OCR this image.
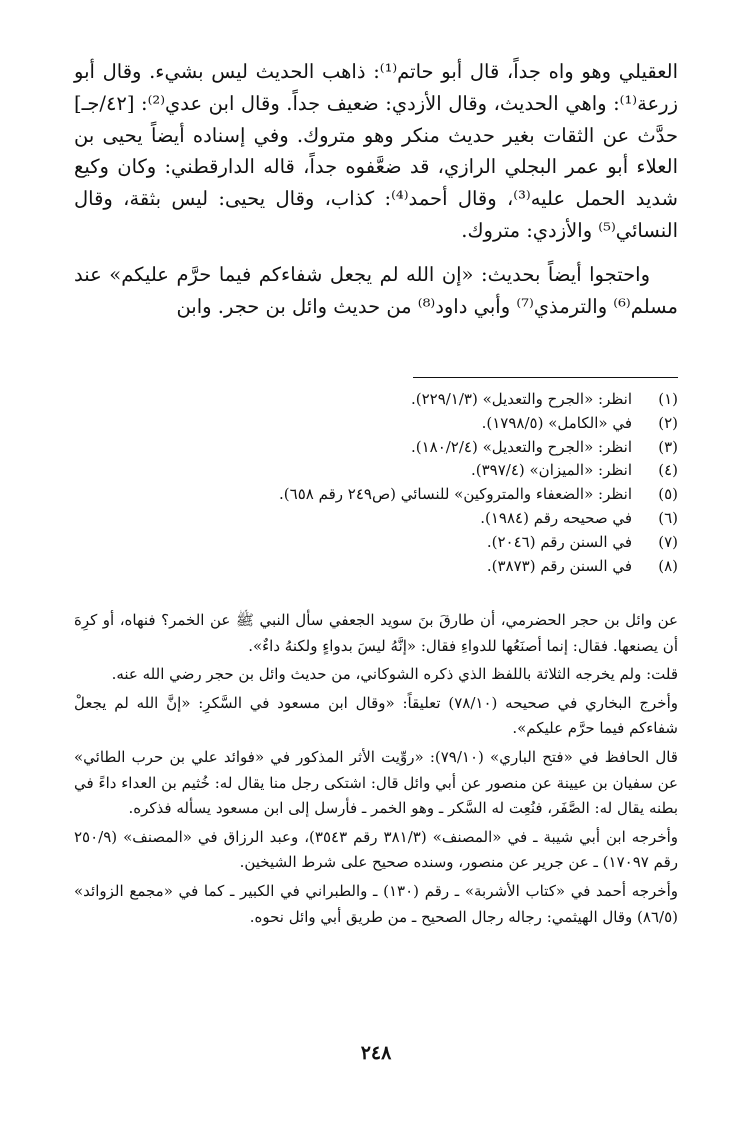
العقيلي وهو واه جداً، قال أبو حاتم⁽¹⁾: ذاهب الحديث ليس بشيء. وقال أبو زرعة⁽¹⁾: واهي الحديث، وقال الأزدي: ضعيف جداً. وقال ابن عدي⁽²⁾: [٤٢/جـ] حدَّث عن الثقات بغير حديث منكر وهو متروك. وفي إسناده أيضاً يحيى بن العلاء أبو عمر البجلي الرازي، قد ضعَّفوه جداً، قاله الدارقطني: وكان وكيع شديد الحمل عليه⁽³⁾، وقال أحمد⁽⁴⁾: كذاب، وقال يحيى: ليس بثقة، وقال النسائي⁽⁵⁾ والأزدي: متروك.

واحتجوا أيضاً بحديث: «إن الله لم يجعل شفاءكم فيما حرَّم عليكم» عند مسلم⁽⁶⁾ والترمذي⁽⁷⁾ وأبي داود⁽⁸⁾ من حديث وائل بن حجر. وابن

(١)
انظر: «الجرح والتعديل» (٢٢٩/١/٣).
(٢)
في «الكامل» (١٧٩٨/٥).
(٣)
انظر: «الجرح والتعديل» (١٨٠/٢/٤).
(٤)
انظر: «الميزان» (٣٩٧/٤).
(٥)
انظر: «الضعفاء والمتروكين» للنسائي (ص٢٤٩ رقم ٦٥٨).
(٦)
في صحيحه رقم (١٩٨٤).
(٧)
في السنن رقم (٢٠٤٦).
(٨)
في السنن رقم (٣٨٧٣).

عن وائل بن حجر الحضرمي، أن طارقَ بنَ سويد الجعفي سأل النبي ﷺ عن الخمر؟ فنهاه، أو كرِهَ أن يصنعها. فقال: إنما أصنَعُها للدواءِ فقال: «إنَّهُ ليسَ بدواءٍ ولكنهُ داءٌ».

قلت: ولم يخرجه الثلاثة باللفظ الذي ذكره الشوكاني، من حديث وائل بن حجر رضي الله عنه.

وأخرج البخاري في صحيحه (٧٨/١٠) تعليقاً: «وقال ابن مسعود في السَّكرِ: «إنَّ الله لم يجعلْ شفاءكم فيما حرَّم عليكم».

قال الحافظ في «فتح الباري» (٧٩/١٠): «روِّيت الأثر المذكور في «فوائد علي بن حرب الطائي» عن سفيان بن عيينة عن منصور عن أبي وائل قال: اشتكى رجل منا يقال له: خُثيم بن العداء داءً في بطنه يقال له: الصَّفَر، فنُعِت له السَّكر ـ وهو الخمر ـ فأرسل إلى ابن مسعود يسأله فذكره.

وأخرجه ابن أبي شيبة ـ في «المصنف» (٣٨١/٣ رقم ٣٥٤٣)، وعبد الرزاق في «المصنف» (٢٥٠/٩ رقم ١٧٠٩٧) ـ عن جرير عن منصور، وسنده صحيح على شرط الشيخين.

وأخرجه أحمد في «كتاب الأشربة» ـ رقم (١٣٠) ـ والطبراني في الكبير ـ كما في «مجمع الزوائد» (٨٦/٥) وقال الهيثمي: رجاله رجال الصحيح ـ من طريق أبي وائل نحوه.

٢٤٨
